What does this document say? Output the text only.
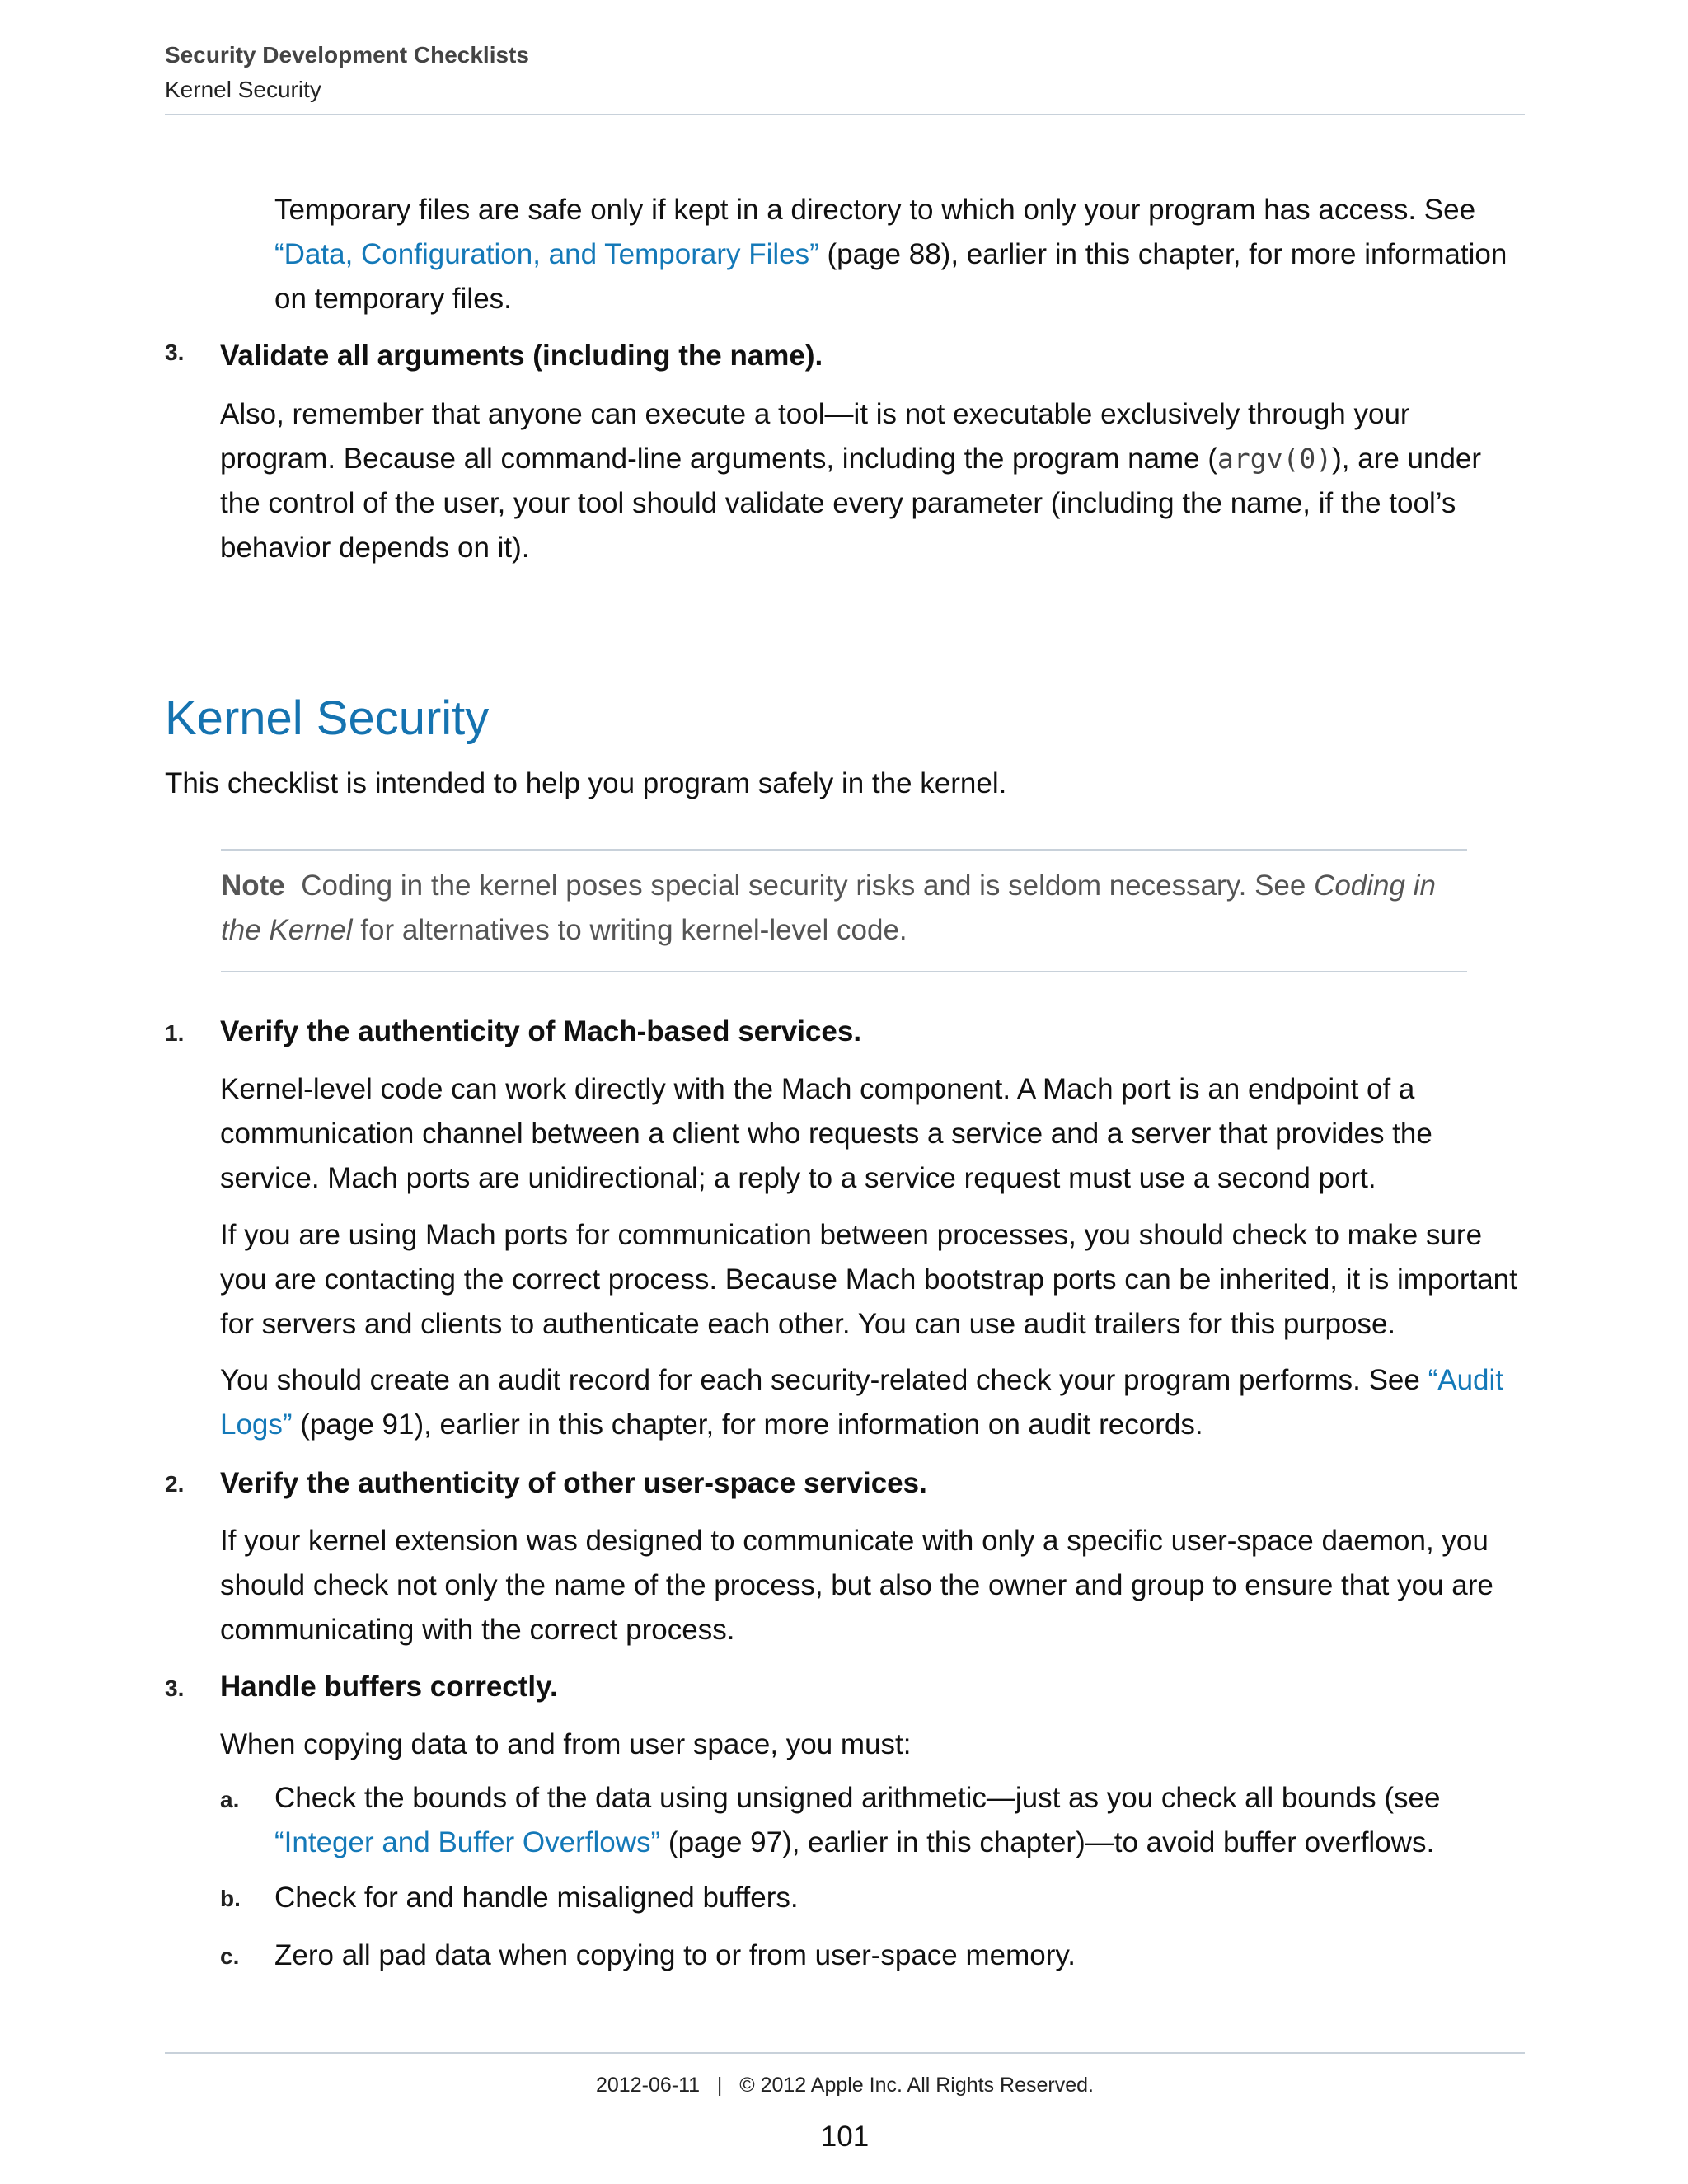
Security Development Checklists
Kernel Security
Temporary files are safe only if kept in a directory to which only your program has access. See “Data, Configuration, and Temporary Files” (page 88), earlier in this chapter, for more information on temporary files.
3. Validate all arguments (including the name).
Also, remember that anyone can execute a tool—it is not executable exclusively through your program. Because all command-line arguments, including the program name (argv(0)), are under the control of the user, your tool should validate every parameter (including the name, if the tool’s behavior depends on it).
Kernel Security
This checklist is intended to help you program safely in the kernel.
Note Coding in the kernel poses special security risks and is seldom necessary. See Coding in the Kernel for alternatives to writing kernel-level code.
1. Verify the authenticity of Mach-based services.
Kernel-level code can work directly with the Mach component. A Mach port is an endpoint of a communication channel between a client who requests a service and a server that provides the service. Mach ports are unidirectional; a reply to a service request must use a second port.
If you are using Mach ports for communication between processes, you should check to make sure you are contacting the correct process. Because Mach bootstrap ports can be inherited, it is important for servers and clients to authenticate each other. You can use audit trailers for this purpose.
You should create an audit record for each security-related check your program performs. See “Audit Logs” (page 91), earlier in this chapter, for more information on audit records.
2. Verify the authenticity of other user-space services.
If your kernel extension was designed to communicate with only a specific user-space daemon, you should check not only the name of the process, but also the owner and group to ensure that you are communicating with the correct process.
3. Handle buffers correctly.
When copying data to and from user space, you must:
a. Check the bounds of the data using unsigned arithmetic—just as you check all bounds (see “Integer and Buffer Overflows” (page 97), earlier in this chapter)—to avoid buffer overflows.
b. Check for and handle misaligned buffers.
c. Zero all pad data when copying to or from user-space memory.
2012-06-11 | © 2012 Apple Inc. All Rights Reserved.
101
